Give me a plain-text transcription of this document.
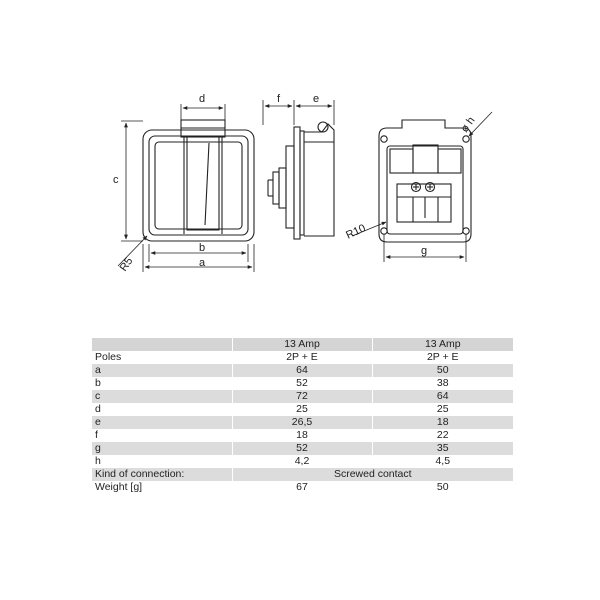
d
c
b
a
R5
f	e
ø h
R10
g
	13 Amp	13 Amp
Poles	2P + E	2P + E
a	64	50
b	52	38
c	72	64
d	25	25
e	26,5	18
f	18	22
g	52	35
h	4,2	4,5
Kind of connection:	Screwed contact	
Weight [g]	67	50
